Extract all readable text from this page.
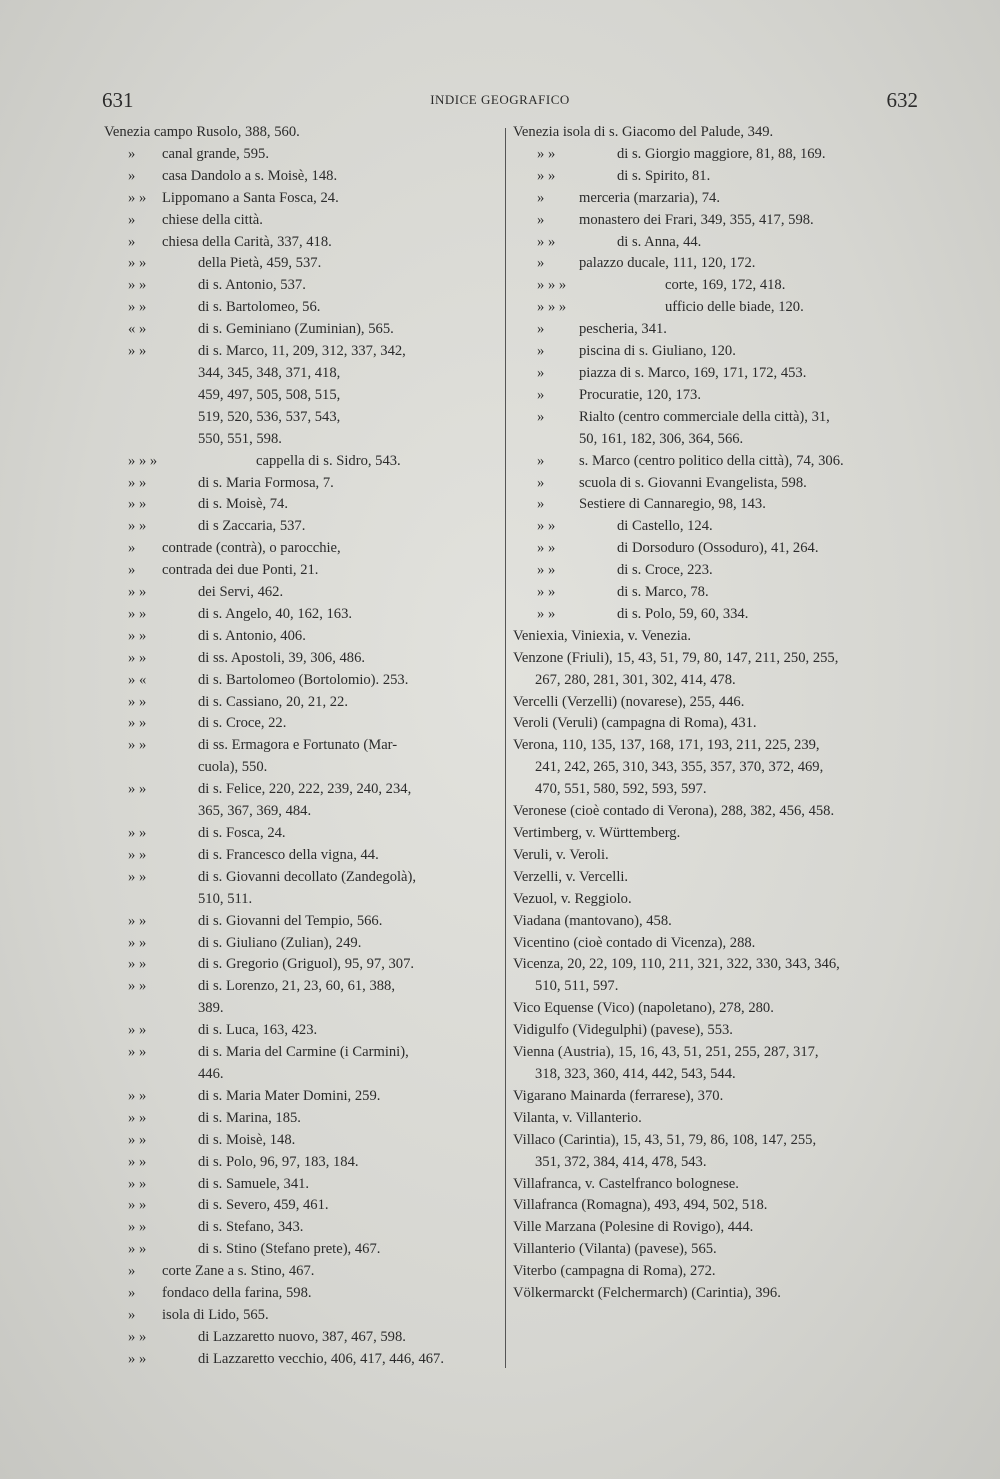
631	INDICE GEOGRAFICO	632
Venezia campo Rusolo, 388, 560.
»	canal grande, 595.
»	casa Dandolo a s. Moisè, 148.
» »	Lippomano a Santa Fosca, 24.
»	chiese della città.
»	chiesa della Carità, 337, 418.
» »	della Pietà, 459, 537.
» »	di s. Antonio, 537.
» »	di s. Bartolomeo, 56.
« »	di s. Geminiano (Zuminian), 565.
» »	di s. Marco, 11, 209, 312, 337, 342,
344, 345, 348, 371, 418,
459, 497, 505, 508, 515,
519, 520, 536, 537, 543,
550, 551, 598.
» » »	cappella di s. Sidro, 543.
» »	di s. Maria Formosa, 7.
» »	di s. Moisè, 74.
» »	di s Zaccaria, 537.
»	contrade (contrà), o parocchie,
»	contrada dei due Ponti, 21.
» »	dei Servi, 462.
» »	di s. Angelo, 40, 162, 163.
» »	di s. Antonio, 406.
» »	di ss. Apostoli, 39, 306, 486.
» «	di s. Bartolomeo (Bortolomio). 253.
» »	di s. Cassiano, 20, 21, 22.
» »	di s. Croce, 22.
» »	di ss. Ermagora e Fortunato (Mar-
cuola), 550.
» »	di s. Felice, 220, 222, 239, 240, 234,
365, 367, 369, 484.
» »	di s. Fosca, 24.
» »	di s. Francesco della vigna, 44.
» »	di s. Giovanni decollato (Zandegolà),
510, 511.
» »	di s. Giovanni del Tempio, 566.
» »	di s. Giuliano (Zulian), 249.
» »	di s. Gregorio (Griguol), 95, 97, 307.
» »	di s. Lorenzo, 21, 23, 60, 61, 388,
389.
» »	di s. Luca, 163, 423.
» »	di s. Maria del Carmine (i Carmini),
446.
» »	di s. Maria Mater Domini, 259.
» »	di s. Marina, 185.
» »	di s. Moisè, 148.
» »	di s. Polo, 96, 97, 183, 184.
» »	di s. Samuele, 341.
» »	di s. Severo, 459, 461.
» »	di s. Stefano, 343.
» »	di s. Stino (Stefano prete), 467.
»	corte Zane a s. Stino, 467.
»	fondaco della farina, 598.
»	isola di Lido, 565.
» »	di Lazzaretto nuovo, 387, 467, 598.
» »	di Lazzaretto vecchio, 406, 417, 446, 467.
Venezia isola di s. Giacomo del Palude, 349.
» »	di s. Giorgio maggiore, 81, 88, 169.
» »	di s. Spirito, 81.
»	merceria (marzaria), 74.
»	monastero dei Frari, 349, 355, 417, 598.
» »	di s. Anna, 44.
»	palazzo ducale, 111, 120, 172.
» » »	corte, 169, 172, 418.
» » »	ufficio delle biade, 120.
»	pescheria, 341.
»	piscina di s. Giuliano, 120.
»	piazza di s. Marco, 169, 171, 172, 453.
»	Procuratie, 120, 173.
»	Rialto (centro commerciale della città), 31,
50, 161, 182, 306, 364, 566.
»	s. Marco (centro politico della città), 74, 306.
»	scuola di s. Giovanni Evangelista, 598.
»	Sestiere di Cannaregio, 98, 143.
» »	di Castello, 124.
» »	di Dorsoduro (Ossoduro), 41, 264.
» »	di s. Croce, 223.
» »	di s. Marco, 78.
» »	di s. Polo, 59, 60, 334.
Veniexia, Viniexia, v. Venezia.
Venzone (Friuli), 15, 43, 51, 79, 80, 147, 211, 250, 255,
267, 280, 281, 301, 302, 414, 478.
Vercelli (Verzelli) (novarese), 255, 446.
Veroli (Veruli) (campagna di Roma), 431.
Verona, 110, 135, 137, 168, 171, 193, 211, 225, 239,
241, 242, 265, 310, 343, 355, 357, 370, 372, 469,
470, 551, 580, 592, 593, 597.
Veronese (cioè contado di Verona), 288, 382, 456, 458.
Vertimberg, v. Württemberg.
Veruli, v. Veroli.
Verzelli, v. Vercelli.
Vezuol, v. Reggiolo.
Viadana (mantovano), 458.
Vicentino (cioè contado di Vicenza), 288.
Vicenza, 20, 22, 109, 110, 211, 321, 322, 330, 343, 346,
510, 511, 597.
Vico Equense (Vico) (napoletano), 278, 280.
Vidigulfo (Videgulphi) (pavese), 553.
Vienna (Austria), 15, 16, 43, 51, 251, 255, 287, 317,
318, 323, 360, 414, 442, 543, 544.
Vigarano Mainarda (ferrarese), 370.
Vilanta, v. Villanterio.
Villaco (Carintia), 15, 43, 51, 79, 86, 108, 147, 255,
351, 372, 384, 414, 478, 543.
Villafranca, v. Castelfranco bolognese.
Villafranca (Romagna), 493, 494, 502, 518.
Ville Marzana (Polesine di Rovigo), 444.
Villanterio (Vilanta) (pavese), 565.
Viterbo (campagna di Roma), 272.
Völkermarckt (Felchermarch) (Carintia), 396.
